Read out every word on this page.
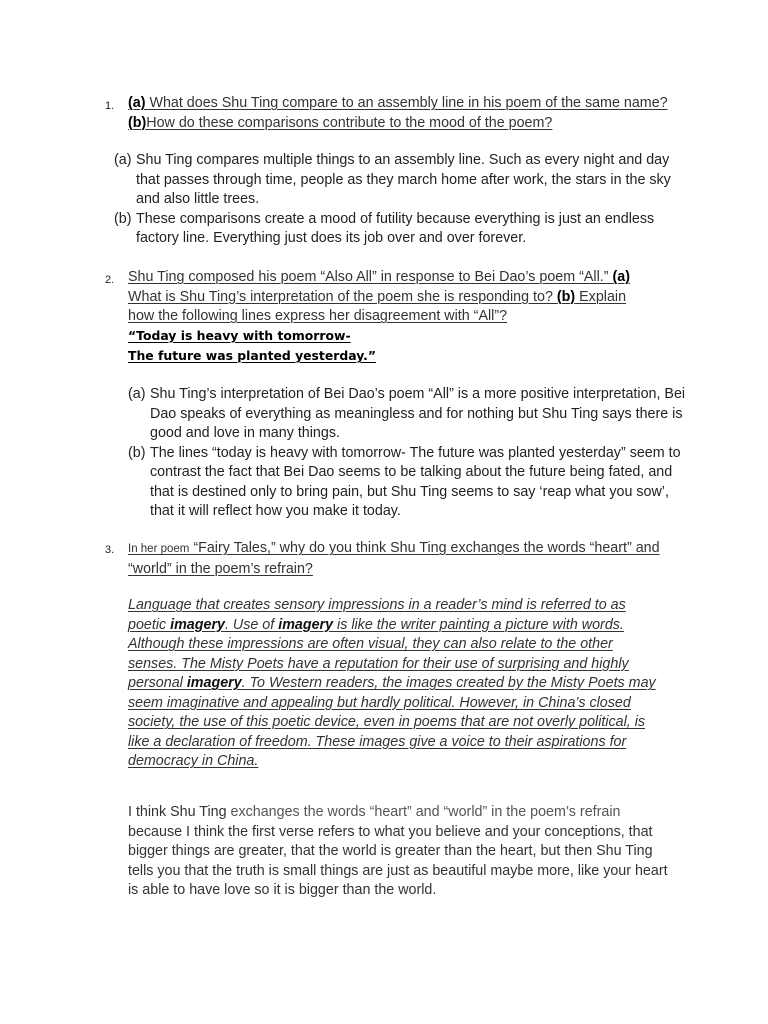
1. (a) What does Shu Ting compare to an assembly line in his poem of the same name? (b)How do these comparisons contribute to the mood of the poem?
(a) Shu Ting compares multiple things to an assembly line. Such as every night and day that passes through time, people as they march home after work, the stars in the sky and also little trees.
(b) These comparisons create a mood of futility because everything is just an endless factory line. Everything just does its job over and over forever.
2. Shu Ting composed his poem “Also All” in response to Bei Dao’s poem “All.” (a) What is Shu Ting’s interpretation of the poem she is responding to? (b) Explain how the following lines express her disagreement with “All”?
“Today is heavy with tomorrow-
The future was planted yesterday.”
(a) Shu Ting’s interpretation of Bei Dao’s poem “All” is a more positive interpretation, Bei Dao speaks of everything as meaningless and for nothing but Shu Ting says there is good and love in many things.
(b) The lines “today is heavy with tomorrow- The future was planted yesterday” seem to contrast the fact that Bei Dao seems to be talking about the future being fated, and that is destined only to bring pain, but Shu Ting seems to say ‘reap what you sow’, that it will reflect how you make it today.
3. In her poem “Fairy Tales,” why do you think Shu Ting exchanges the words “heart” and “world” in the poem’s refrain?
Language that creates sensory impressions in a reader’s mind is referred to as poetic imagery. Use of imagery is like the writer painting a picture with words. Although these impressions are often visual, they can also relate to the other senses. The Misty Poets have a reputation for their use of surprising and highly personal imagery. To Western readers, the images created by the Misty Poets may seem imaginative and appealing but hardly political. However, in China’s closed society, the use of this poetic device, even in poems that are not overly political, is like a declaration of freedom. These images give a voice to their aspirations for democracy in China.
I think Shu Ting exchanges the words “heart” and “world” in the poem’s refrain because I think the first verse refers to what you believe and your conceptions, that bigger things are greater, that the world is greater than the heart, but then Shu Ting tells you that the truth is small things are just as beautiful maybe more, like your heart is able to have love so it is bigger than the world.
